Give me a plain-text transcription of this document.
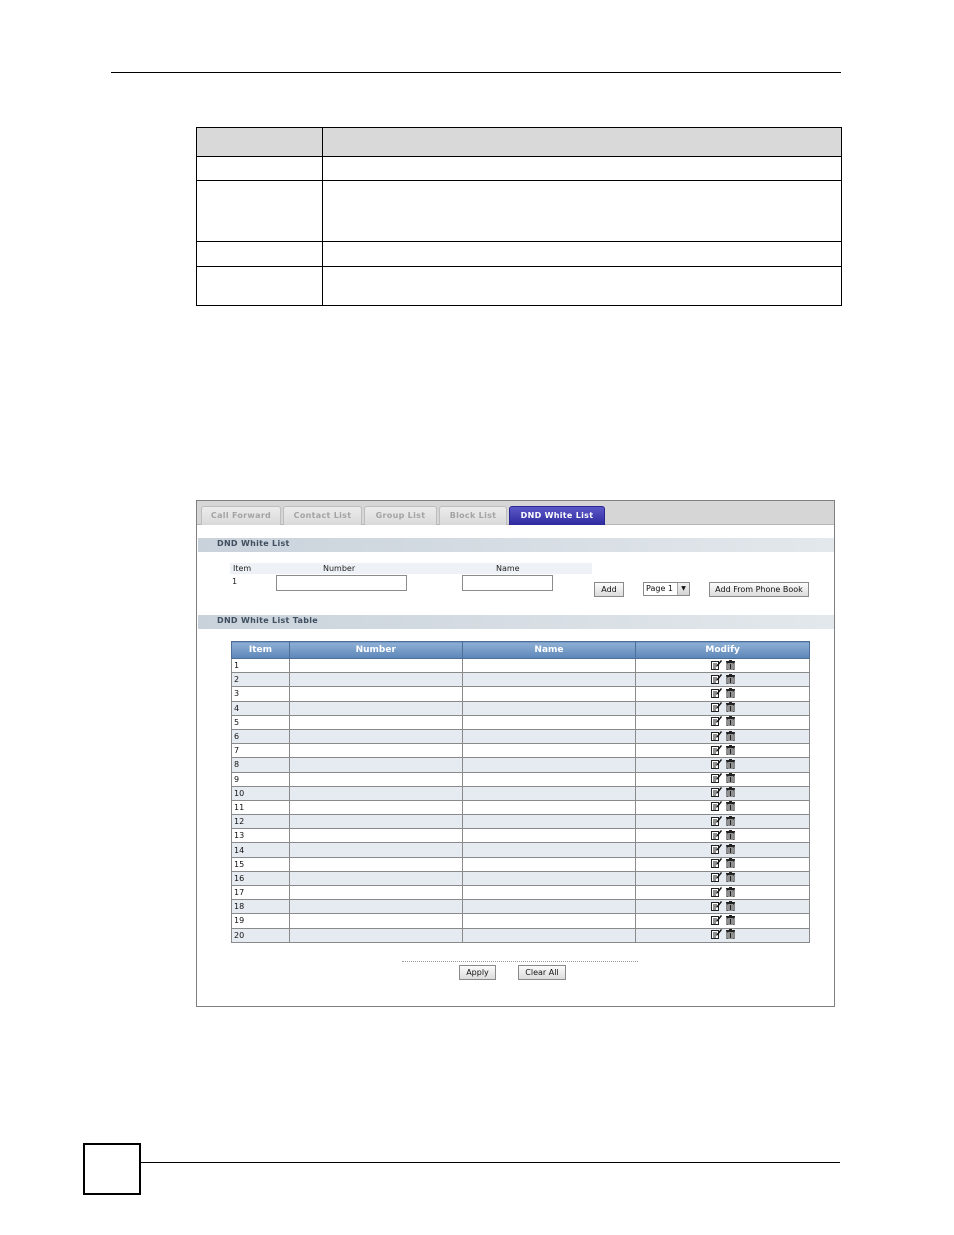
Call Forward	Contact List	Group List	Block List	DND White List
DND White List
Item	Number	Name
1
Add	Page 1	▼	Add From Phone Book
DND White List Table
Item	Number	Name	Modify
1			
2			
3			
4			
5			
6			
7			
8			
9			
10			
11			
12			
13			
14			
15			
16			
17			
18			
19			
20			
Apply	Clear All
